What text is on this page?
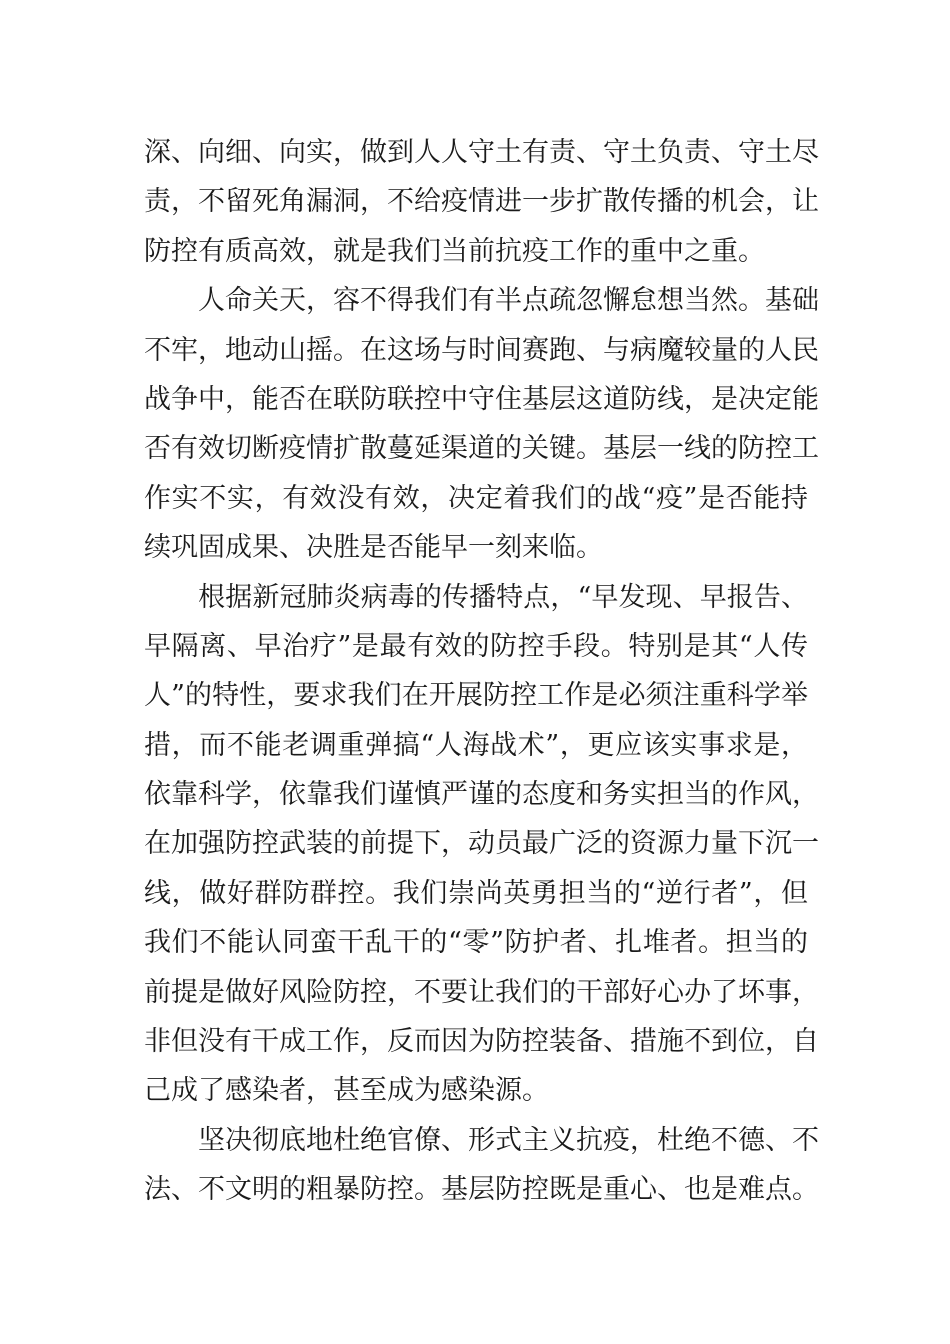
深、向细、向实，做到人人守土有责、守土负责、守土尽
责，不留死角漏洞，不给疫情进一步扩散传播的机会，让
防控有质高效，就是我们当前抗疫工作的重中之重。
　　人命关天，容不得我们有半点疏忽懈怠想当然。基础
不牢，地动山摇。在这场与时间赛跑、与病魔较量的人民
战争中，能否在联防联控中守住基层这道防线，是决定能
否有效切断疫情扩散蔓延渠道的关键。基层一线的防控工
作实不实，有效没有效，决定着我们的战“疫”是否能持
续巩固成果、决胜是否能早一刻来临。
　　根据新冠肺炎病毒的传播特点，“早发现、早报告、
早隔离、早治疗”是最有效的防控手段。特别是其“人传
人”的特性，要求我们在开展防控工作是必须注重科学举
措，而不能老调重弹搞“人海战术”，更应该实事求是，
依靠科学，依靠我们谨慎严谨的态度和务实担当的作风，
在加强防控武装的前提下，动员最广泛的资源力量下沉一
线，做好群防群控。我们崇尚英勇担当的“逆行者”，但
我们不能认同蛮干乱干的“零”防护者、扎堆者。担当的
前提是做好风险防控，不要让我们的干部好心办了坏事，
非但没有干成工作，反而因为防控装备、措施不到位，自
己成了感染者，甚至成为感染源。
　　坚决彻底地杜绝官僚、形式主义抗疫，杜绝不德、不
法、不文明的粗暴防控。基层防控既是重心、也是难点。
